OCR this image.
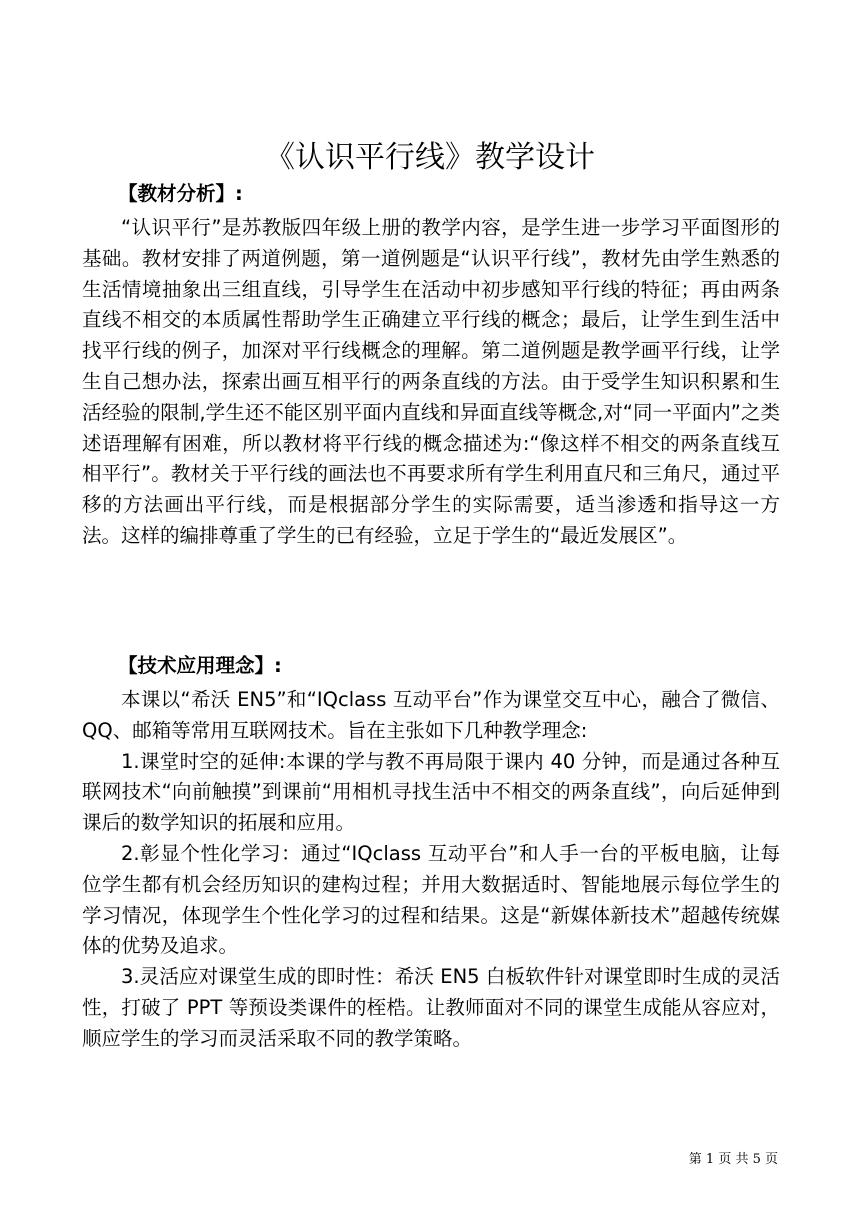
《认识平行线》教学设计
【教材分析】:

“认识平行”是苏教版四年级上册的教学内容，是学生进一步学习平面图形的基础。教材安排了两道例题，第一道例题是“认识平行线”，教材先由学生熟悉的生活情境抽象出三组直线，引导学生在活动中初步感知平行线的特征；再由两条直线不相交的本质属性帮助学生正确建立平行线的概念；最后，让学生到生活中找平行线的例子，加深对平行线概念的理解。第二道例题是教学画平行线，让学生自己想办法，探索出画互相平行的两条直线的方法。由于受学生知识积累和生活经验的限制,学生还不能区别平面内直线和异面直线等概念,对“同一平面内”之类述语理解有困难，所以教材将平行线的概念描述为:“像这样不相交的两条直线互相平行”。教材关于平行线的画法也不再要求所有学生利用直尺和三角尺，通过平移的方法画出平行线，而是根据部分学生的实际需要，适当渗透和指导这一方法。这样的编排尊重了学生的已有经验，立足于学生的“最近发展区”。

【技术应用理念】:

本课以“希沃 EN5”和“IQclass 互动平台”作为课堂交互中心，融合了微信、QQ、邮箱等常用互联网技术。旨在主张如下几种教学理念:

1.课堂时空的延伸:本课的学与教不再局限于课内 40 分钟，而是通过各种互联网技术“向前触摸”到课前“用相机寻找生活中不相交的两条直线”，向后延伸到课后的数学知识的拓展和应用。

2.彰显个性化学习：通过“IQclass 互动平台”和人手一台的平板电脑，让每位学生都有机会经历知识的建构过程；并用大数据适时、智能地展示每位学生的学习情况，体现学生个性化学习的过程和结果。这是“新媒体新技术”超越传统媒体的优势及追求。

3.灵活应对课堂生成的即时性：希沃 EN5 白板软件针对课堂即时生成的灵活性，打破了 PPT 等预设类课件的桎梏。让教师面对不同的课堂生成能从容应对，顺应学生的学习而灵活采取不同的教学策略。

第 1 页 共 5 页
